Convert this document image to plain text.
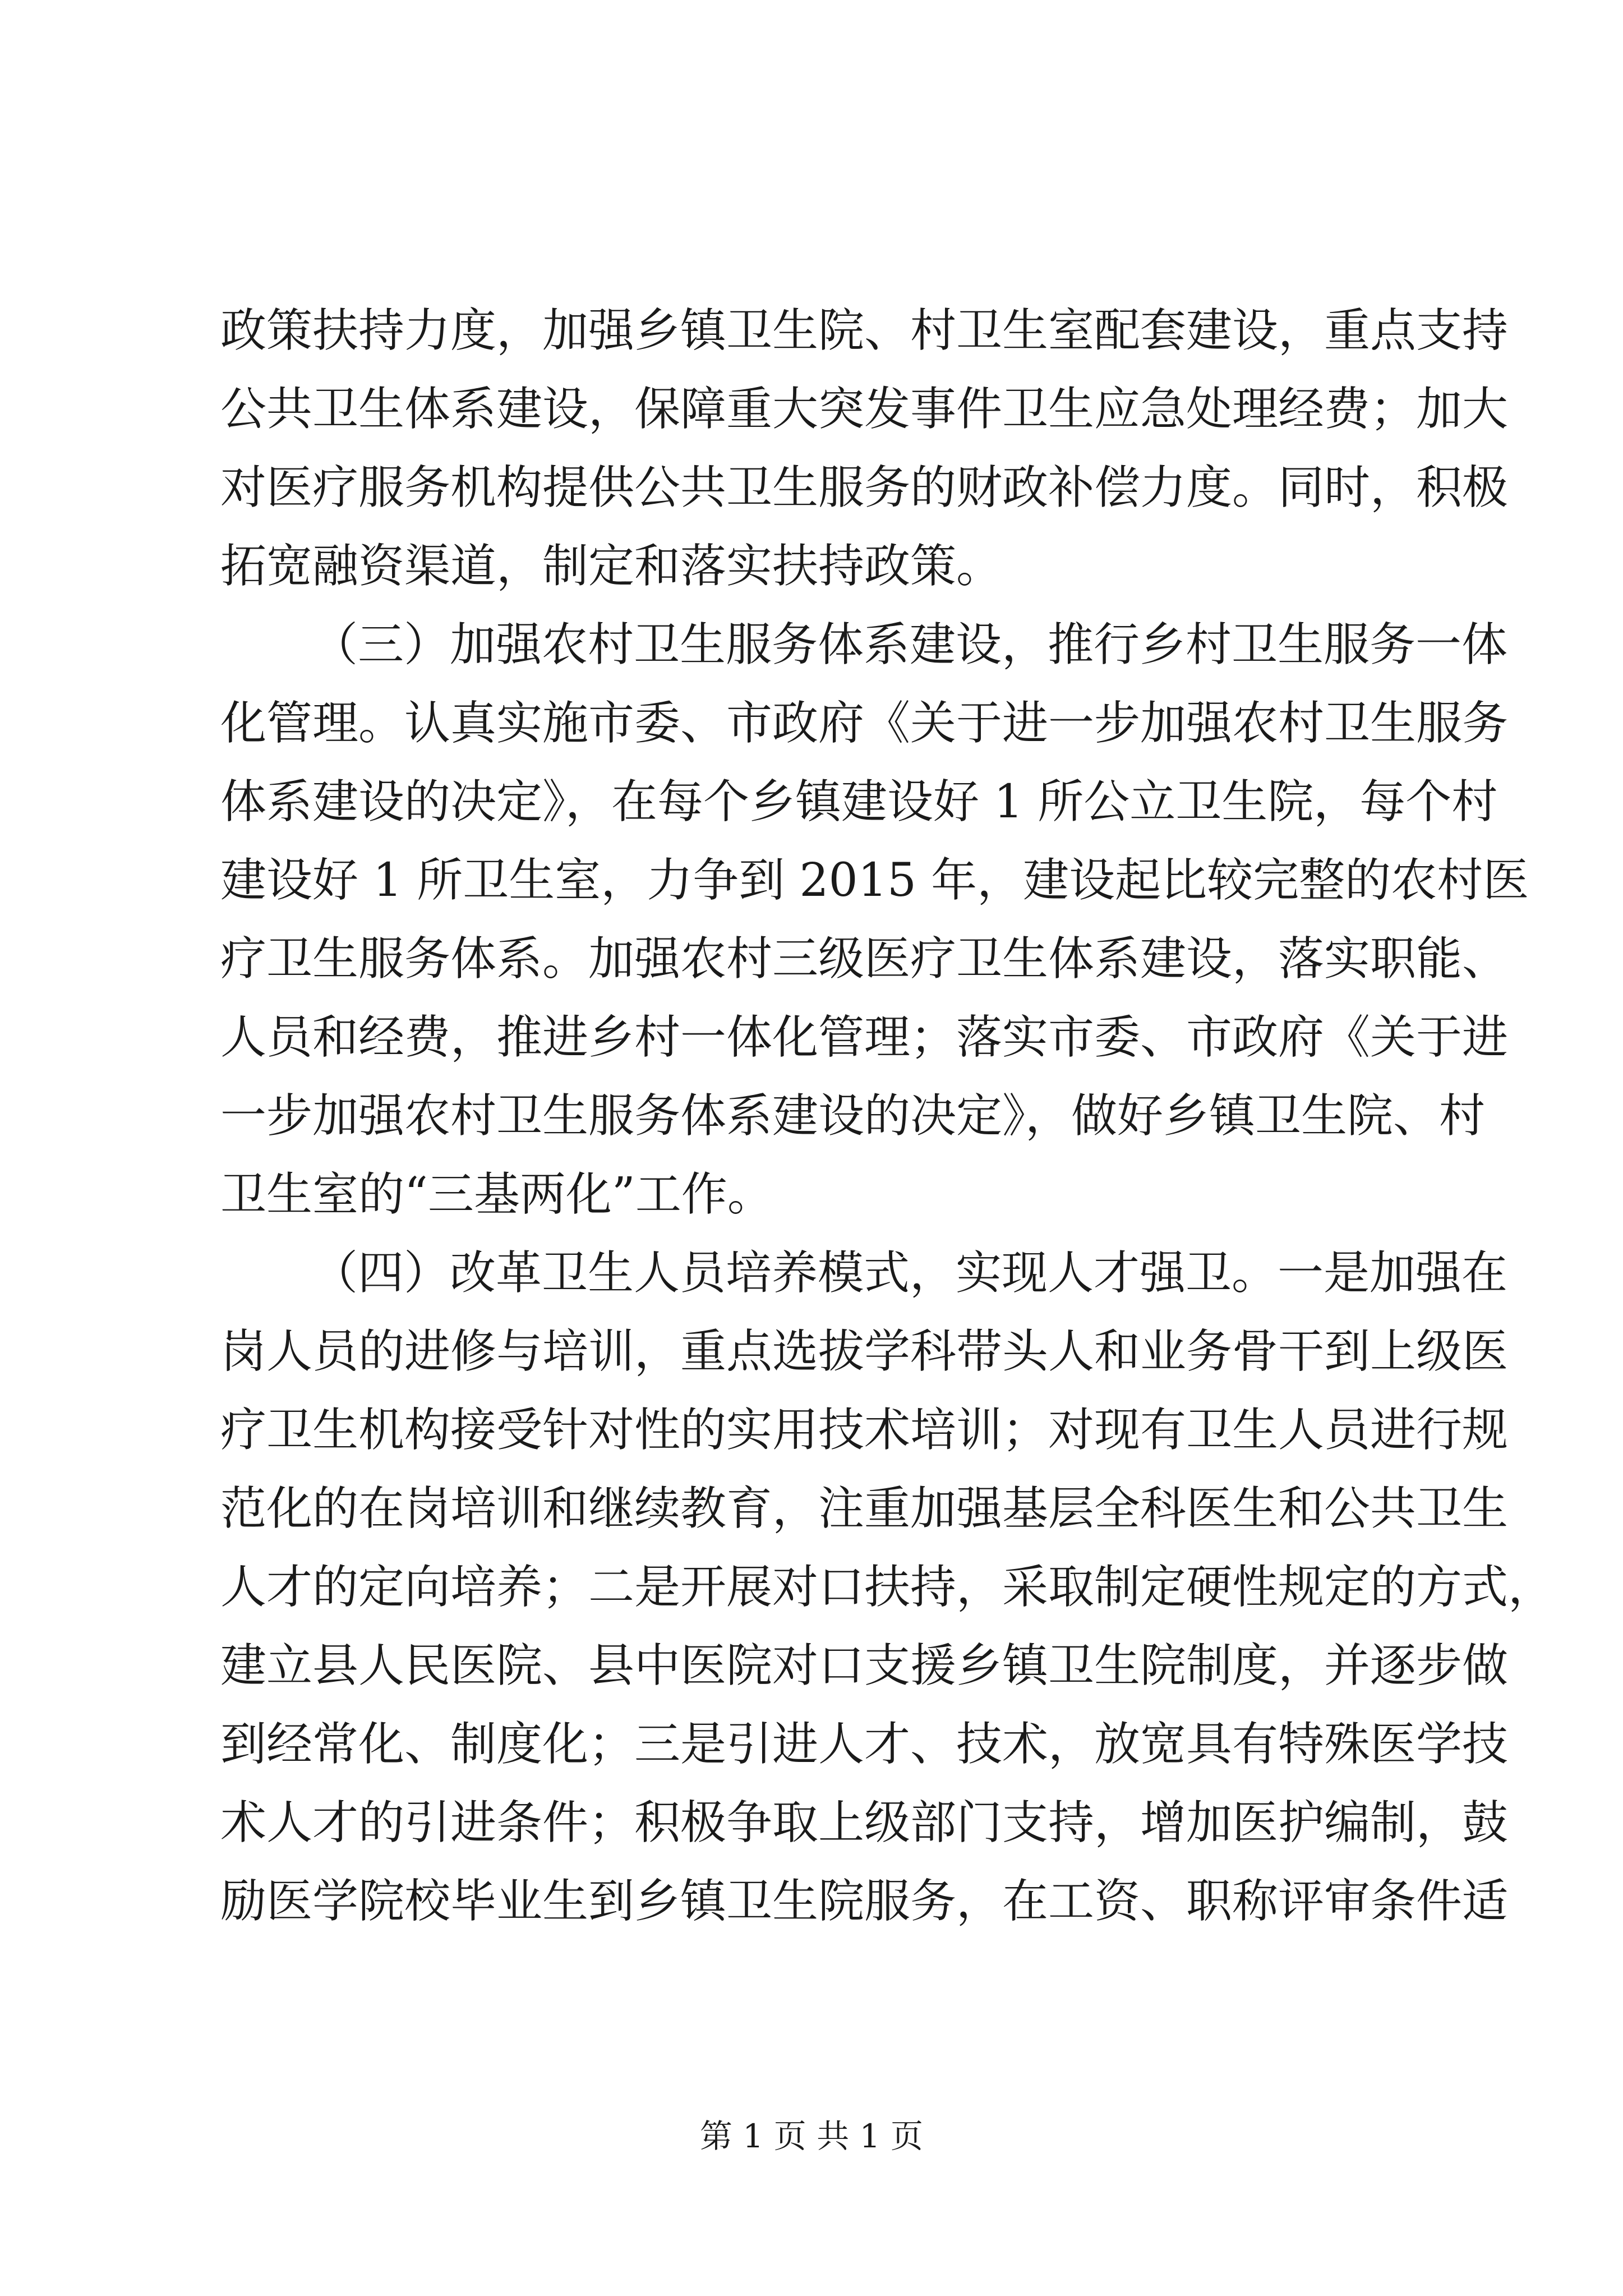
政策扶持力度，加强乡镇卫生院、村卫生室配套建设，重点支持
公共卫生体系建设，保障重大突发事件卫生应急处理经费；加大
对医疗服务机构提供公共卫生服务的财政补偿力度。同时，积极
拓宽融资渠道，制定和落实扶持政策。
（三）加强农村卫生服务体系建设，推行乡村卫生服务一体
化管理。认真实施市委、市政府《关于进一步加强农村卫生服务
体系建设的决定》，在每个乡镇建设好 1 所公立卫生院，每个村
建设好 1 所卫生室，力争到 2015 年，建设起比较完整的农村医
疗卫生服务体系。加强农村三级医疗卫生体系建设，落实职能、
人员和经费，推进乡村一体化管理；落实市委、市政府《关于进
一步加强农村卫生服务体系建设的决定》，做好乡镇卫生院、村
卫生室的“三基两化”工作。
（四）改革卫生人员培养模式，实现人才强卫。一是加强在
岗人员的进修与培训，重点选拔学科带头人和业务骨干到上级医
疗卫生机构接受针对性的实用技术培训；对现有卫生人员进行规
范化的在岗培训和继续教育，注重加强基层全科医生和公共卫生
人才的定向培养；二是开展对口扶持，采取制定硬性规定的方式，
建立县人民医院、县中医院对口支援乡镇卫生院制度，并逐步做
到经常化、制度化；三是引进人才、技术，放宽具有特殊医学技
术人才的引进条件；积极争取上级部门支持，增加医护编制，鼓
励医学院校毕业生到乡镇卫生院服务，在工资、职称评审条件适
第 1 页 共 1 页
